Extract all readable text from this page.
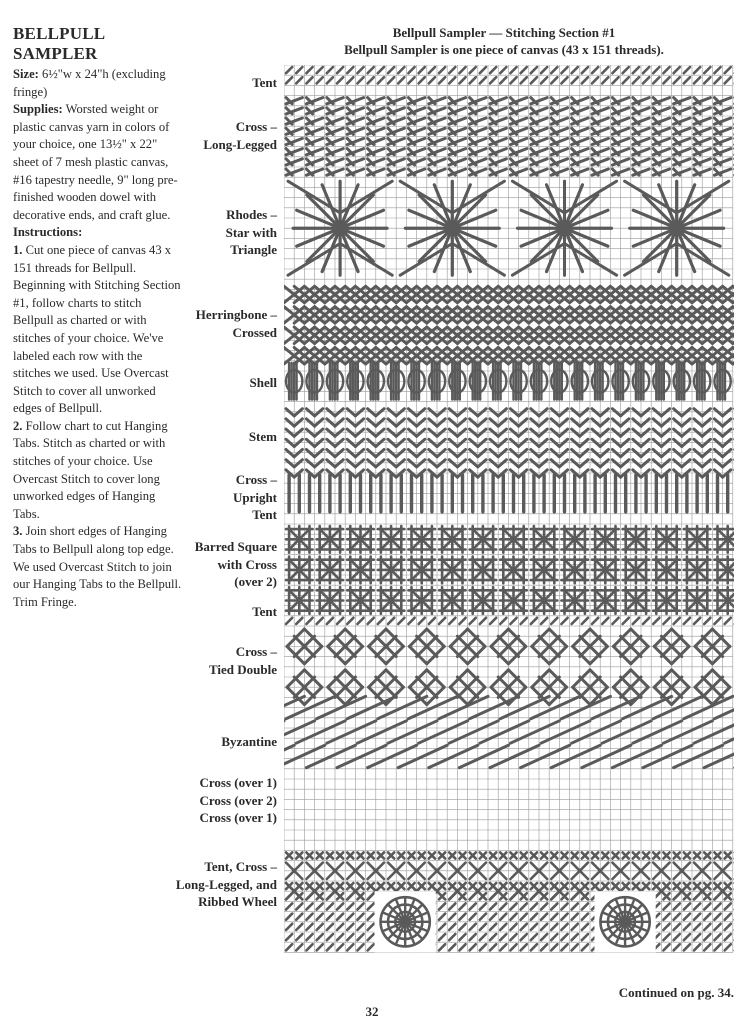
BELLPULL SAMPLER

Size: 6½"w x 24"h (excluding fringe)

Supplies: Worsted weight or plastic canvas yarn in colors of your choice, one 13½" x 22" sheet of 7 mesh plastic canvas, #16 tapestry needle, 9" long pre-finished wooden dowel with decorative ends, and craft glue.

Instructions:

1. Cut one piece of canvas 43 x 151 threads for Bellpull. Beginning with Stitching Section #1, follow charts to stitch Bellpull as charted or with stitches of your choice. We've labeled each row with the stitches we used. Use Overcast Stitch to cover all unworked edges of Bellpull.

2. Follow chart to cut Hanging Tabs. Stitch as charted or with stitches of your choice. Use Overcast Stitch to cover long unworked edges of Hanging Tabs.

3. Join short edges of Hanging Tabs to Bellpull along top edge. We used Overcast Stitch to join our Hanging Tabs to the Bellpull. Trim Fringe.

Bellpull Sampler — Stitching Section #1
Bellpull Sampler is one piece of canvas (43 x 151 threads).
Tent
Cross –
Long-Legged
Rhodes –
Star with
Triangle
Herringbone –
Crossed
Shell
Stem
Cross –
Upright
Tent
Barred Square
with Cross
(over 2)
Tent
Cross –
Tied Double
Byzantine
Cross (over 1)
Cross (over 2)
Cross (over 1)
Tent, Cross –
Long-Legged, and
Ribbed Wheel
Continued on pg. 34.
32
